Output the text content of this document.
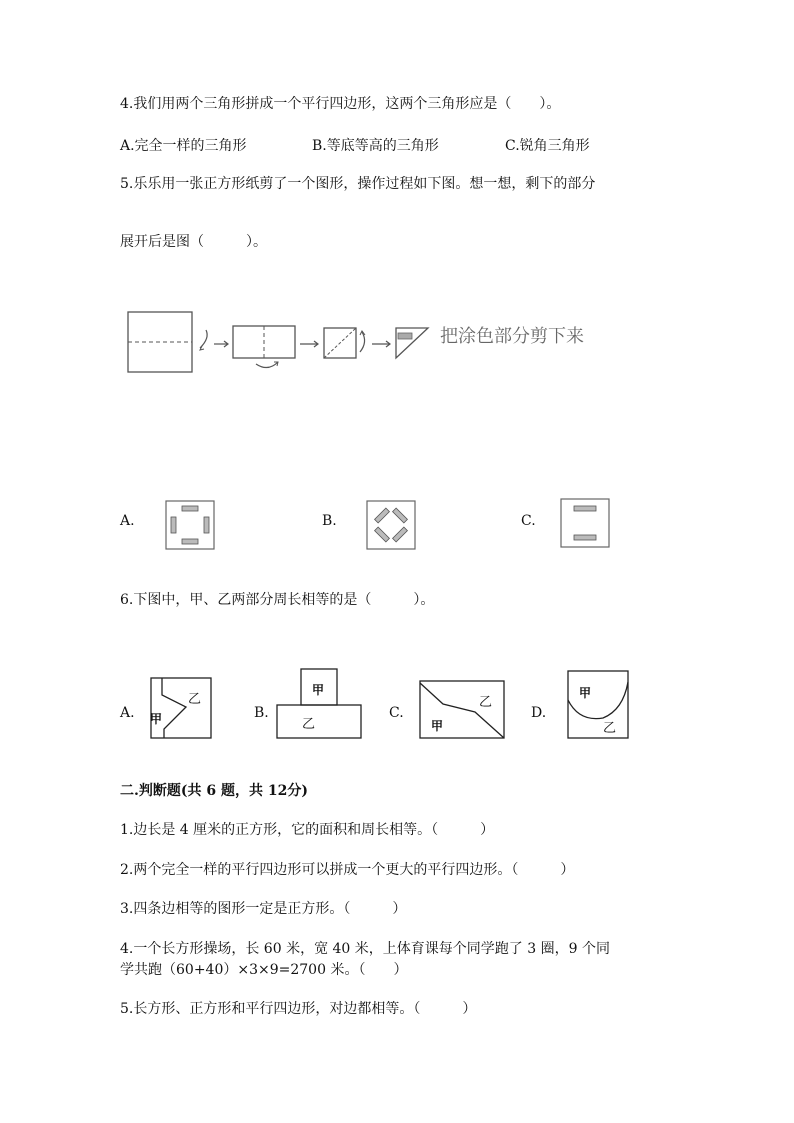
4.我们用两个三角形拼成一个平行四边形，这两个三角形应是（　　）。
A.完全一样的三角形	B.等底等高的三角形	C.锐角三角形
5.乐乐用一张正方形纸剪了一个图形，操作过程如下图。想一想，剩下的部分
展开后是图（　　　）。
把涂色部分剪下来
A.	B.	C.
6.下图中，甲、乙两部分周长相等的是（　　　）。
A. 甲
乙
B.
甲
乙
C.
甲
乙
D.
甲
乙
二.判断题(共 6 题，共 12分)
1.边长是 4 厘米的正方形，它的面积和周长相等。（　　　）
2.两个完全一样的平行四边形可以拼成一个更大的平行四边形。（　　　）
3.四条边相等的图形一定是正方形。（　　　）
4.一个长方形操场，长 60 米，宽 40 米，上体育课每个同学跑了 3 圈，9 个同
学共跑（60+40）×3×9=2700 米。（　　）
5.长方形、正方形和平行四边形，对边都相等。（　　　）
